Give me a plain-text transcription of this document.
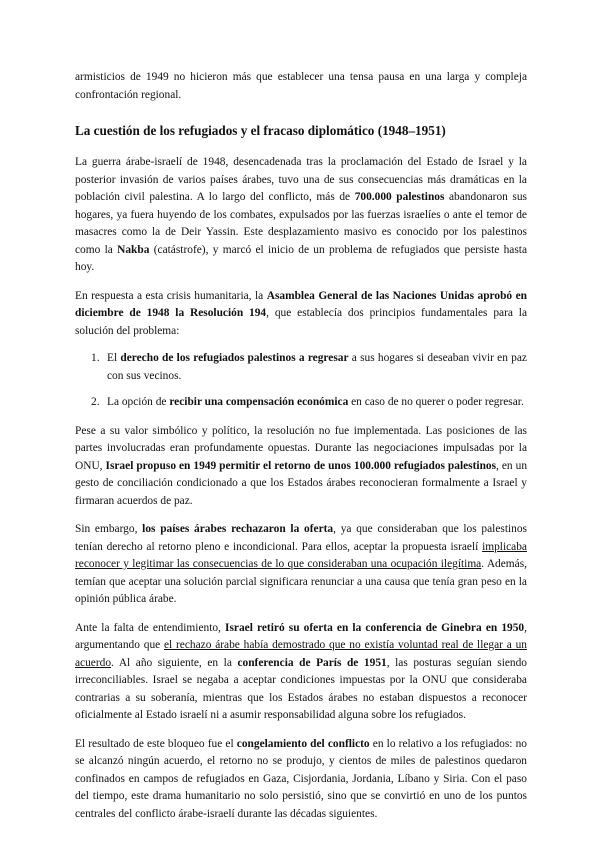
armisticios de 1949 no hicieron más que establecer una tensa pausa en una larga y compleja confrontación regional.

La cuestión de los refugiados y el fracaso diplomático (1948–1951)

La guerra árabe-israelí de 1948, desencadenada tras la proclamación del Estado de Israel y la posterior invasión de varios países árabes, tuvo una de sus consecuencias más dramáticas en la población civil palestina. A lo largo del conflicto, más de 700.000 palestinos abandonaron sus hogares, ya fuera huyendo de los combates, expulsados por las fuerzas israelíes o ante el temor de masacres como la de Deir Yassin. Este desplazamiento masivo es conocido por los palestinos como la Nakba (catástrofe), y marcó el inicio de un problema de refugiados que persiste hasta hoy.

En respuesta a esta crisis humanitaria, la Asamblea General de las Naciones Unidas aprobó en diciembre de 1948 la Resolución 194, que establecía dos principios fundamentales para la solución del problema:

1. El derecho de los refugiados palestinos a regresar a sus hogares si deseaban vivir en paz con sus vecinos.
2. La opción de recibir una compensación económica en caso de no querer o poder regresar.

Pese a su valor simbólico y político, la resolución no fue implementada. Las posiciones de las partes involucradas eran profundamente opuestas. Durante las negociaciones impulsadas por la ONU, Israel propuso en 1949 permitir el retorno de unos 100.000 refugiados palestinos, en un gesto de conciliación condicionado a que los Estados árabes reconocieran formalmente a Israel y firmaran acuerdos de paz.

Sin embargo, los países árabes rechazaron la oferta, ya que consideraban que los palestinos tenían derecho al retorno pleno e incondicional. Para ellos, aceptar la propuesta israelí implicaba reconocer y legitimar las consecuencias de lo que consideraban una ocupación ilegítima. Además, temían que aceptar una solución parcial significara renunciar a una causa que tenía gran peso en la opinión pública árabe.

Ante la falta de entendimiento, Israel retiró su oferta en la conferencia de Ginebra en 1950, argumentando que el rechazo árabe había demostrado que no existía voluntad real de llegar a un acuerdo. Al año siguiente, en la conferencia de París de 1951, las posturas seguían siendo irreconciliables. Israel se negaba a aceptar condiciones impuestas por la ONU que consideraba contrarias a su soberanía, mientras que los Estados árabes no estaban dispuestos a reconocer oficialmente al Estado israelí ni a asumir responsabilidad alguna sobre los refugiados.

El resultado de este bloqueo fue el congelamiento del conflicto en lo relativo a los refugiados: no se alcanzó ningún acuerdo, el retorno no se produjo, y cientos de miles de palestinos quedaron confinados en campos de refugiados en Gaza, Cisjordania, Jordania, Líbano y Siria. Con el paso del tiempo, este drama humanitario no solo persistió, sino que se convirtió en uno de los puntos centrales del conflicto árabe-israelí durante las décadas siguientes.
